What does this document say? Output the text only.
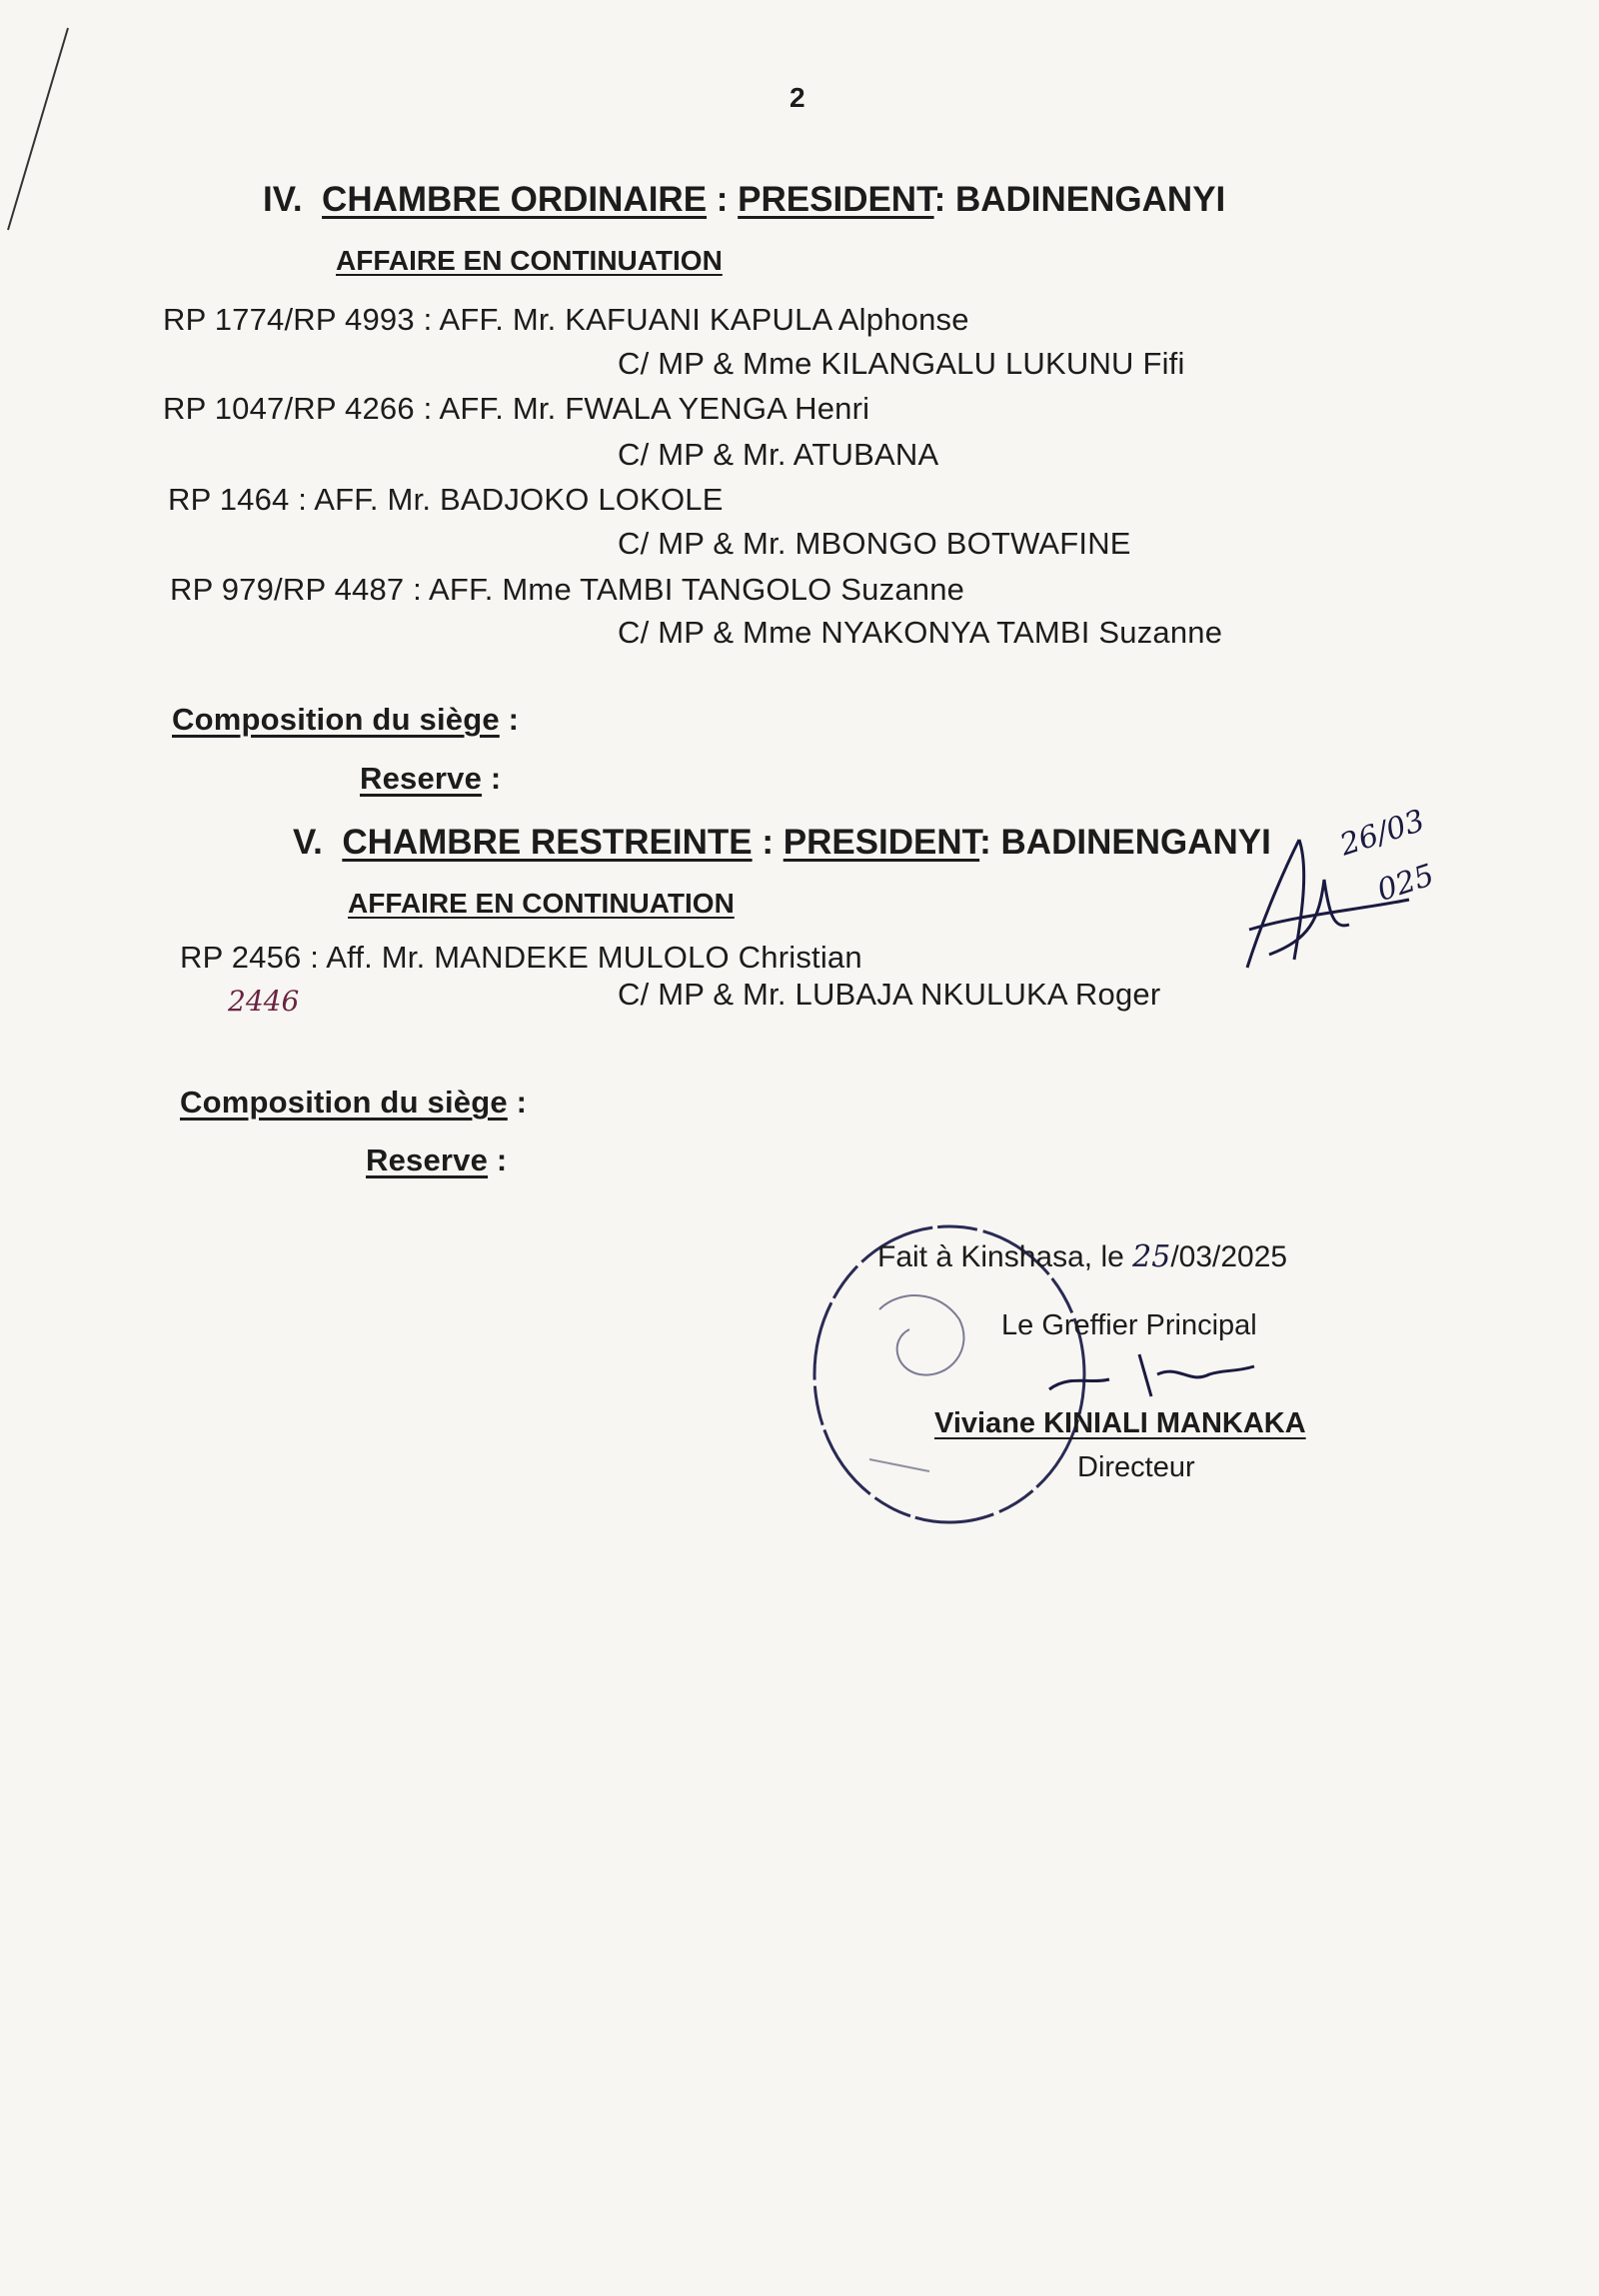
2
IV. CHAMBRE ORDINAIRE : PRESIDENT: BADINENGANYI
AFFAIRE EN CONTINUATION
RP 1774/RP 4993 : AFF. Mr. KAFUANI KAPULA Alphonse
C/ MP & Mme KILANGALU LUKUNU Fifi
RP 1047/RP 4266 : AFF. Mr. FWALA YENGA Henri
C/ MP & Mr. ATUBANA
RP 1464 : AFF. Mr. BADJOKO LOKOLE
C/ MP & Mr. MBONGO BOTWAFINE
RP 979/RP 4487 : AFF. Mme TAMBI TANGOLO Suzanne
C/ MP & Mme NYAKONYA TAMBI Suzanne
Composition du siège :
Reserve :
V. CHAMBRE RESTREINTE : PRESIDENT: BADINENGANYI
AFFAIRE EN CONTINUATION
RP 2456 : Aff. Mr. MANDEKE MULOLO Christian
2446	C/ MP & Mr. LUBAJA NKULUKA Roger
Composition du siège :
Reserve :
26/03
025
Fait à Kinshasa, le 25/03/2025
Le Greffier Principal
Viviane KINIALI MANKAKA
Directeur
